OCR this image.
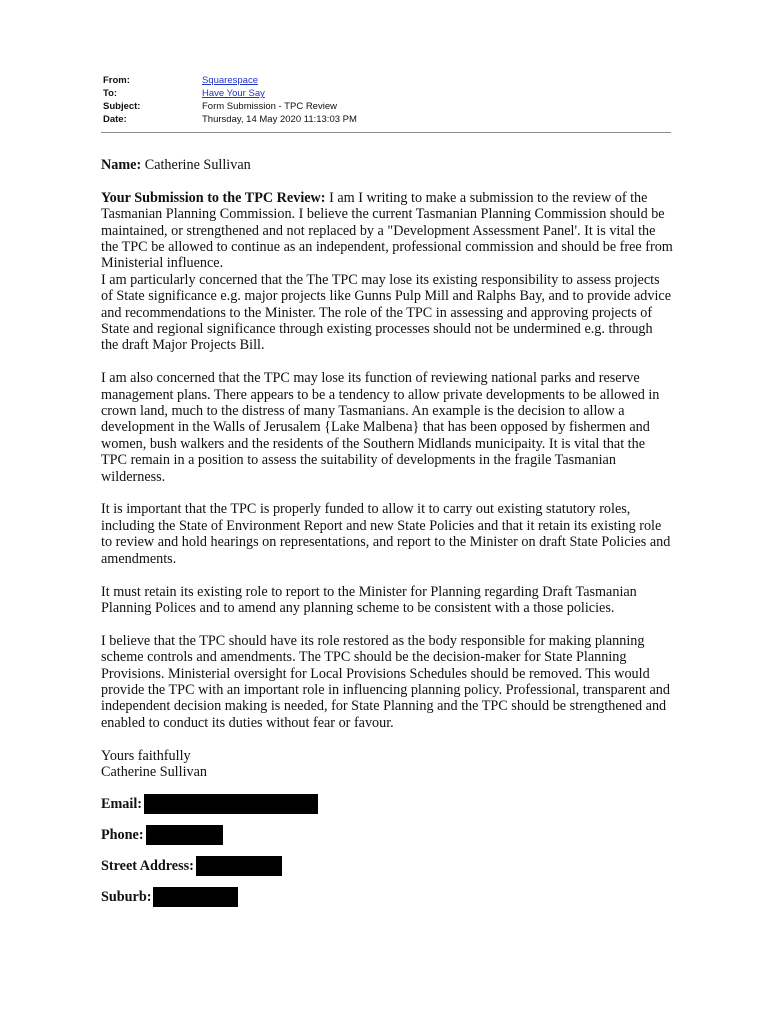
From:	Squarespace
To:	Have Your Say
Subject:	Form Submission - TPC Review
Date:	Thursday, 14 May 2020 11:13:03 PM

Name: Catherine Sullivan

Your Submission to the TPC Review: I am I writing to make a submission to the review of the Tasmanian Planning Commission. I believe the current Tasmanian Planning Commission should be maintained, or strengthened and not replaced by a "Development Assessment Panel'. It is vital the the TPC be allowed to continue as an independent, professional commission and should be free from Ministerial influence.

I am particularly concerned that the The TPC may lose its existing responsibility to assess projects of State significance e.g. major projects like Gunns Pulp Mill and Ralphs Bay, and to provide advice and recommendations to the Minister. The role of the TPC in assessing and approving projects of State and regional significance through existing processes should not be undermined e.g. through the draft Major Projects Bill.

I am also concerned that the TPC may lose its function of reviewing national parks and reserve management plans. There appears to be a tendency to allow private developments to be allowed in crown land, much to the distress of many Tasmanians. An example is the decision to allow a development in the Walls of Jerusalem {Lake Malbena} that has been opposed by fishermen and women, bush walkers and the residents of the Southern Midlands municipaity. It is vital that the TPC remain in a position to assess the suitability of developments in the fragile Tasmanian wilderness.

It is important that the TPC is properly funded to allow it to carry out existing statutory roles, including the State of Environment Report and new State Policies and that it retain its existing role to review and hold hearings on representations, and report to the Minister on draft State Policies and amendments.

It must retain its existing role to report to the Minister for Planning regarding Draft Tasmanian Planning Polices and to amend any planning scheme to be consistent with a those policies.

I believe that the TPC should have its role restored as the body responsible for making planning scheme controls and amendments. The TPC should be the decision-maker for State Planning Provisions. Ministerial oversight for Local Provisions Schedules should be removed. This would provide the TPC with an important role in influencing planning policy. Professional, transparent and independent decision making is needed, for State Planning and the TPC should be strengthened and enabled to conduct its duties without fear or favour.

Yours faithfully

Catherine Sullivan

Email:
Phone:
Street Address:
Suburb:
